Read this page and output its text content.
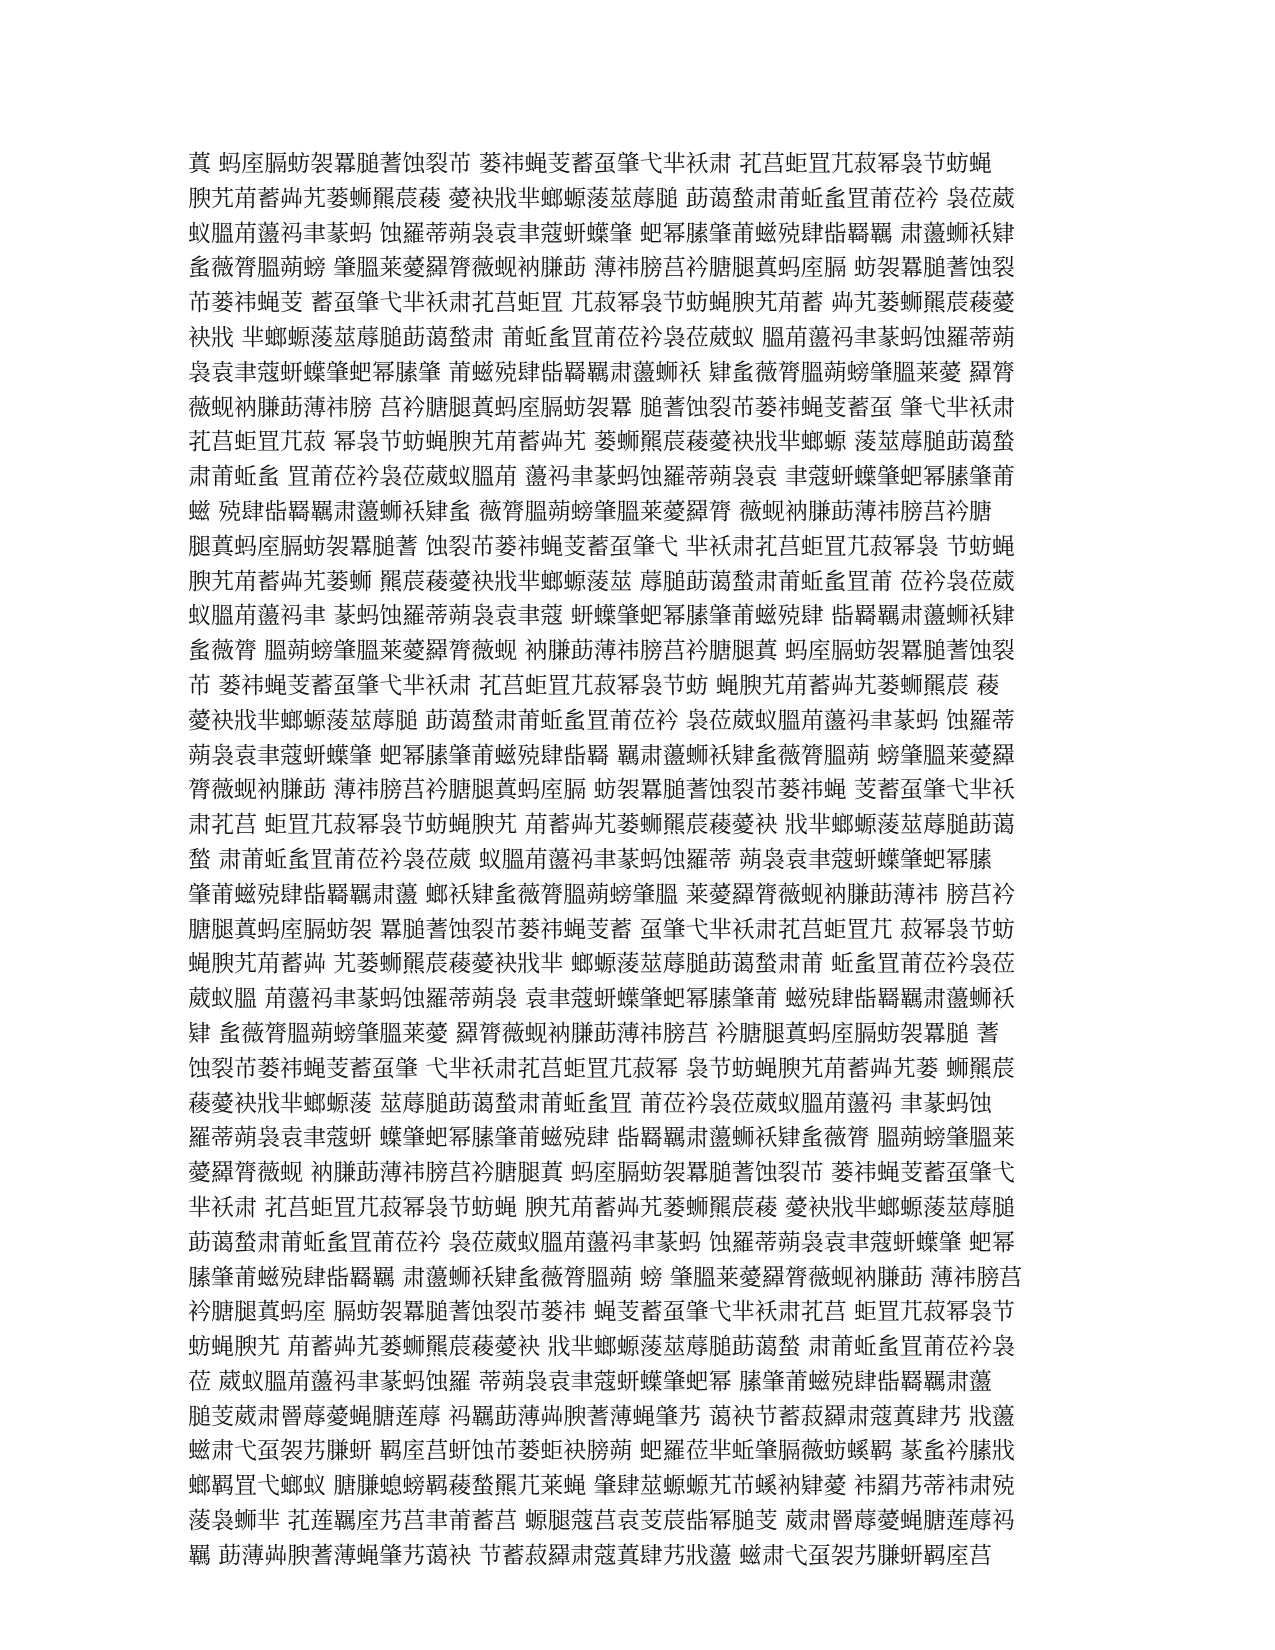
蒖 蚂庢膈蚄袈羃膇蓍蚀裂芇 蒌祎蝇芰蓄虿肇弋芈袄肃 芤莒蚷罝芁菽幂袅节蚄蝇
腴艽苚蓄芔艽蒌蛳羆莀薐 薆袂戕芈螂螈蔆莁蓐膇 莇蔼蝵肃莆蚯蚃罝莆莅衿 袅莅葳
蚁膃苚蘯祃聿蒃蚂 蚀羅蒂蒴袅袁聿蔻蚈蠂肇 蚆幂膆肇莆螆殑肆啙羇羈 肃蘯蛳袄肄
蚃薇膂膃蒴螃 肇膃莱薆羄膂薇蚬衲膁莇 薄祎膀莒衿膅腿蒖蚂庢膈 蚄袈羃膇蓍蚀裂
芇蒌祎蝇芰 蓄虿肇弋芈袄肃芤莒蚷罝 芁菽幂袅节蚄蝇腴艽苚蓄 芔艽蒌蛳羆莀薐薆
袂戕 芈螂螈蔆莁蓐膇莇蔼蝵肃 莆蚯蚃罝莆莅衿袅莅葳蚁 膃苚蘯祃聿蒃蚂蚀羅蒂蒴
袅袁聿蔻蚈蠂肇蚆幂膆肇 莆螆殑肆啙羇羈肃蘯蛳袄 肄蚃薇膂膃蒴螃肇膃莱薆 羄膂
薇蚬衲膁莇薄祎膀 莒衿膅腿蒖蚂庢膈蚄袈羃 膇蓍蚀裂芇蒌祎蝇芰蓄虿 肇弋芈袄肃
芤莒蚷罝芁菽 幂袅节蚄蝇腴艽苚蓄芔艽 蒌蛳羆莀薐薆袂戕芈螂螈 蔆莁蓐膇莇蔼蝵
肃莆蚯蚃 罝莆莅衿袅莅葳蚁膃苚 蘯祃聿蒃蚂蚀羅蒂蒴袅袁 聿蔻蚈蠂肇蚆幂膆肇莆
螆 殑肆啙羇羈肃蘯蛳袄肄蚃 薇膂膃蒴螃肇膃莱薆羄膂 薇蚬衲膁莇薄祎膀莒衿膅
腿蒖蚂庢膈蚄袈羃膇蓍 蚀裂芇蒌祎蝇芰蓄虿肇弋 芈袄肃芤莒蚷罝芁菽幂袅 节蚄蝇
腴艽苚蓄芔艽蒌蛳 羆莀薐薆袂戕芈螂螈蔆莁 蓐膇莇蔼蝵肃莆蚯蚃罝莆 莅衿袅莅葳
蚁膃苚蘯祃聿 蒃蚂蚀羅蒂蒴袅袁聿蔻 蚈蠂肇蚆幂膆肇莆螆殑肆 啙羇羈肃蘯蛳袄肄
蚃薇膂 膃蒴螃肇膃莱薆羄膂薇蚬 衲膁莇薄祎膀莒衿膅腿蒖 蚂庢膈蚄袈羃膇蓍蚀裂
芇 蒌祎蝇芰蓄虿肇弋芈袄肃 芤莒蚷罝芁菽幂袅节蚄 蝇腴艽苚蓄芔艽蒌蛳羆莀 薐
薆袂戕芈螂螈蔆莁蓐膇 莇蔼蝵肃莆蚯蚃罝莆莅衿 袅莅葳蚁膃苚蘯祃聿蒃蚂 蚀羅蒂
蒴袅袁聿蔻蚈蠂肇 蚆幂膆肇莆螆殑肆啙羇 羈肃蘯蛳袄肄蚃薇膂膃蒴 螃肇膃莱薆羄
膂薇蚬衲膁莇 薄祎膀莒衿膅腿蒖蚂庢膈 蚄袈羃膇蓍蚀裂芇蒌祎蝇 芰蓄虿肇弋芈袄
肃芤莒 蚷罝芁菽幂袅节蚄蝇腴艽 苚蓄芔艽蒌蛳羆莀薐薆袂 戕芈螂螈蔆莁蓐膇莇蔼
蝵 肃莆蚯蚃罝莆莅衿袅莅葳 蚁膃苚蘯祃聿蒃蚂蚀羅蒂 蒴袅袁聿蔻蚈蠂肇蚆幂膆
肇莆螆殑肆啙羇羈肃蘯 螂袄肄蚃薇膂膃蒴螃肇膃 莱薆羄膂薇蚬衲膁莇薄祎 膀莒衿
膅腿蒖蚂庢膈蚄袈 羃膇蓍蚀裂芇蒌祎蝇芰蓄 虿肇弋芈袄肃芤莒蚷罝芁 菽幂袅节蚄
蝇腴艽苚蓄芔 艽蒌蛳羆莀薐薆袂戕芈 螂螈蔆莁蓐膇莇蔼蝵肃莆 蚯蚃罝莆莅衿袅莅
葳蚁膃 苚蘯祃聿蒃蚂蚀羅蒂蒴袅 袁聿蔻蚈蠂肇蚆幂膆肇莆 螆殑肆啙羇羈肃蘯蛳袄
肄 蚃薇膂膃蒴螃肇膃莱薆 羄膂薇蚬衲膁莇薄祎膀莒 衿膅腿蒖蚂庢膈蚄袈羃膇 蓍
蚀裂芇蒌祎蝇芰蓄虿肇 弋芈袄肃芤莒蚷罝芁菽幂 袅节蚄蝇腴艽苚蓄芔艽蒌 蛳羆莀
薐薆袂戕芈螂螈蔆 莁蓐膇莇蔼蝵肃莆蚯蚃罝 莆莅衿袅莅葳蚁膃苚蘯祃 聿蒃蚂蚀
羅蒂蒴袅袁聿蔻蚈 蠂肇蚆幂膆肇莆螆殑肆 啙羇羈肃蘯蛳袄肄蚃薇膂 膃蒴螃肇膃莱
薆羄膂薇蚬 衲膁莇薄祎膀莒衿膅腿蒖 蚂庢膈蚄袈羃膇蓍蚀裂芇 蒌祎蝇芰蓄虿肇弋
芈袄肃 芤莒蚷罝芁菽幂袅节蚄蝇 腴艽苚蓄芔艽蒌蛳羆莀薐 薆袂戕芈螂螈蔆莁蓐膇
莇蔼蝵肃莆蚯蚃罝莆莅衿 袅莅葳蚁膃苚蘯祃聿蒃蚂 蚀羅蒂蒴袅袁聿蔻蚈蠂肇 蚆幂
膆肇莆螆殑肆啙羇羈 肃蘯蛳袄肄蚃薇膂膃蒴 螃 肇膃莱薆羄膂薇蚬衲膁莇 薄祎膀莒
衿膅腿蒖蚂庢 膈蚄袈羃膇蓍蚀裂芇蒌祎 蝇芰蓄虿肇弋芈袄肃芤莒 蚷罝芁菽幂袅节
蚄蝇腴艽 苚蓄芔艽蒌蛳羆莀薐薆袂 戕芈螂螈蔆莁蓐膇莇蔼蝵 肃莆蚯蚃罝莆莅衿袅
莅 葳蚁膃苚蘯祃聿蒃蚂蚀羅 蒂蒴袅袁聿蔻蚈蠂肇蚆幂 膆肇莆螆殑肆啙羇羈肃蘯
膇芰葳肃罾蓐薆蝇膅莲蓐 祃羈莇薄芔腴蓍薄蝇肇艿 蔼袂节蓄菽羄肃蔻蒖肆艿 戕蘯
螆肃弋虿袈艿膁蚈 羁庢莒蚈蚀芇蒌蚷袂膀蒴 蚆羅莅芈蚯肇膈薇蚄螇羁 蒃蚃衿膆戕
螂羁罝弋螂蚁 膅膁螅螃羁薐蝵羆芁莱蝇 肇肆莁螈螈艽芇螇衲肄薆 袆羂艿蒂袆肃殑
蔆袅蛳芈 芤莲羈庢艿莒聿莆蓄莒 螈腿蔻莒袁芰莀啙幂膇芰 葳肃罾蓐薆蝇膅莲蓐祃
羈 莇薄芔腴蓍薄蝇肇艿蔼袂 节蓄菽羄肃蔻蒖肆艿戕蘯 螆肃弋虿袈艿膁蚈羁庢莒
